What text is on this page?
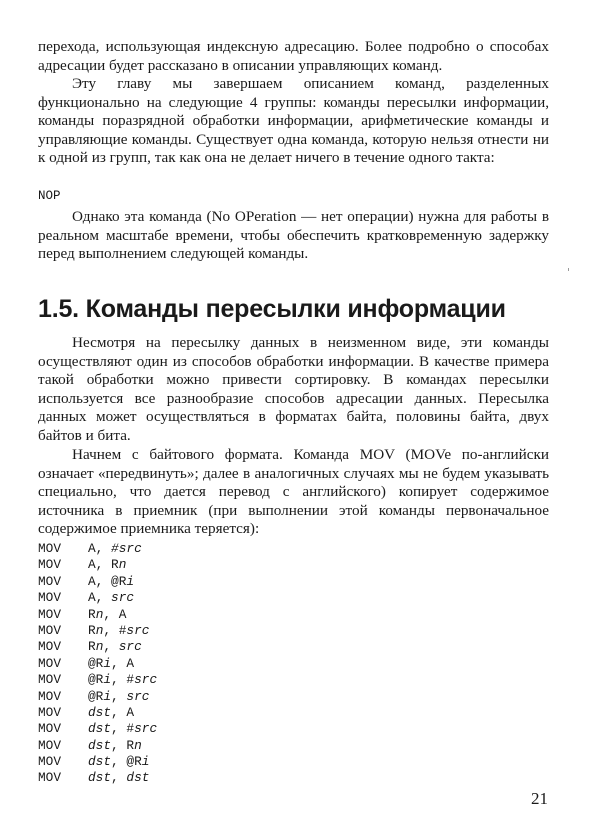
перехода, использующая индексную адресацию. Более подробно о способах адресации будет рассказано в описании управляющих команд.

Эту главу мы завершаем описанием команд, разделенных функционально на следующие 4 группы: команды пересылки информации, команды поразрядной обработки информации, арифметические команды и управляющие команды. Существует одна команда, которую нельзя отнести ни к одной из групп, так как она не делает ничего в течение одного такта:

NOP

Однако эта команда (No OPeration — нет операции) нужна для работы в реальном масштабе времени, чтобы обеспечить кратковременную задержку перед выполнением следующей команды.

1.5. Команды пересылки информации

Несмотря на пересылку данных в неизменном виде, эти команды осуществляют один из способов обработки информации. В качестве примера такой обработки можно привести сортировку. В командах пересылки используется все разнообразие способов адресации данных. Пересылка данных может осуществляться в форматах байта, половины байта, двух байтов и бита.

Начнем с байтового формата. Команда MOV (MOVe по-английски означает «передвинуть»; далее в аналогичных случаях мы не будем указывать специально, что дается перевод с английского) копирует содержимое источника в приемник (при выполнении этой команды первоначальное содержимое приемника теряется):

MOV A, #src
MOV A, Rn
MOV A, @Ri
MOV A, src
MOV Rn, A
MOV Rn, #src
MOV Rn, src
MOV @Ri, A
MOV @Ri, #src
MOV @Ri, src
MOV dst, A
MOV dst, #src
MOV dst, Rn
MOV dst, @Ri
MOV dst, dst
21
